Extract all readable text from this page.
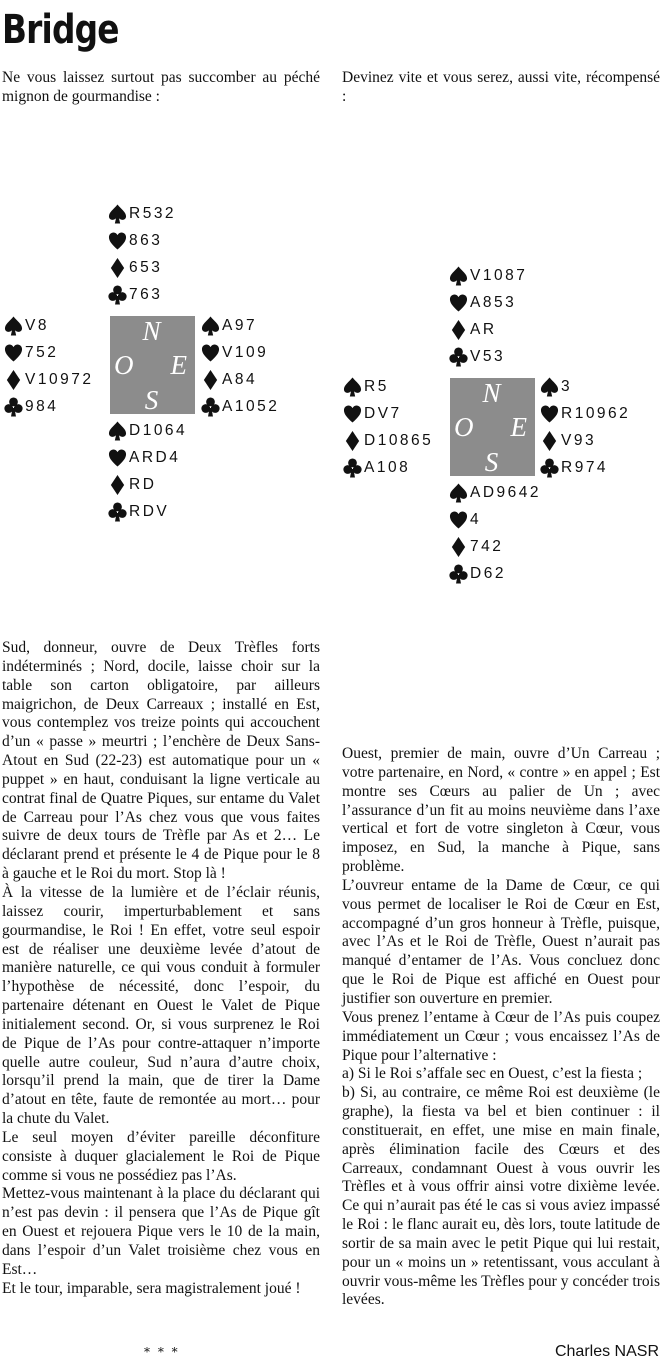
Bridge

Ne vous laissez surtout pas succomber au péché mignon de gourmandise :

Devinez vite et vous serez, aussi vite, récompensé :

R532
863
653
763
V8
752
V10972
984
N
O E
S
A97
V109
A84
A1052
D1064
ARD4
RD
RDV
V1087
A853
AR
V53
R5
DV7
D10865
A108
N
O E
S
3
R10962
V93
R974
AD9642
4
742
D62

Sud, donneur, ouvre de Deux Trèfles forts indéterminés ; Nord, docile, laisse choir sur la table son carton obligatoire, par ailleurs maigrichon, de Deux Carreaux ; installé en Est, vous contemplez vos treize points qui accouchent d’un « passe » meurtri ; l’enchère de Deux Sans-Atout en Sud (22-23) est automatique pour un « puppet » en haut, conduisant la ligne verticale au contrat final de Quatre Piques, sur entame du Valet de Carreau pour l’As chez vous que vous faites suivre de deux tours de Trèfle par As et 2… Le déclarant prend et présente le 4 de Pique pour le 8 à gauche et le Roi du mort. Stop là !

À la vitesse de la lumière et de l’éclair réunis, laissez courir, imperturbablement et sans gourmandise, le Roi ! En effet, votre seul espoir est de réaliser une deuxième levée d’atout de manière naturelle, ce qui vous conduit à formuler l’hypothèse de nécessité, donc l’espoir, du partenaire détenant en Ouest le Valet de Pique initialement second. Or, si vous surprenez le Roi de Pique de l’As pour contre-attaquer n’importe quelle autre couleur, Sud n’aura d’autre choix, lorsqu’il prend la main, que de tirer la Dame d’atout en tête, faute de remontée au mort… pour la chute du Valet.

Le seul moyen d’éviter pareille déconfiture consiste à duquer glacialement le Roi de Pique comme si vous ne possédiez pas l’As.

Mettez-vous maintenant à la place du déclarant qui n’est pas devin : il pensera que l’As de Pique gît en Ouest et rejouera Pique vers le 10 de la main, dans l’espoir d’un Valet troisième chez vous en Est…

Et le tour, imparable, sera magistralement joué !

Ouest, premier de main, ouvre d’Un Carreau ; votre partenaire, en Nord, « contre » en appel ; Est montre ses Cœurs au palier de Un ; avec l’assurance d’un fit au moins neuvième dans l’axe vertical et fort de votre singleton à Cœur, vous imposez, en Sud, la manche à Pique, sans problème.

L’ouvreur entame de la Dame de Cœur, ce qui vous permet de localiser le Roi de Cœur en Est, accompagné d’un gros honneur à Trèfle, puisque, avec l’As et le Roi de Trèfle, Ouest n’aurait pas manqué d’entamer de l’As. Vous concluez donc que le Roi de Pique est affiché en Ouest pour justifier son ouverture en premier.

Vous prenez l’entame à Cœur de l’As puis coupez immédiatement un Cœur ; vous encaissez l’As de Pique pour l’alternative :

a) Si le Roi s’affale sec en Ouest, c’est la fiesta ;

b) Si, au contraire, ce même Roi est deuxième (le graphe), la fiesta va bel et bien continuer : il constituerait, en effet, une mise en main finale, après élimination facile des Cœurs et des Carreaux, condamnant Ouest à vous ouvrir les Trèfles et à vous offrir ainsi votre dixième levée. Ce qui n’aurait pas été le cas si vous aviez impassé le Roi : le flanc aurait eu, dès lors, toute latitude de sortir de sa main avec le petit Pique qui lui restait, pour un « moins un » retentissant, vous acculant à ouvrir vous-même les Trèfles pour y concéder trois levées.

* * *	Charles NASR
